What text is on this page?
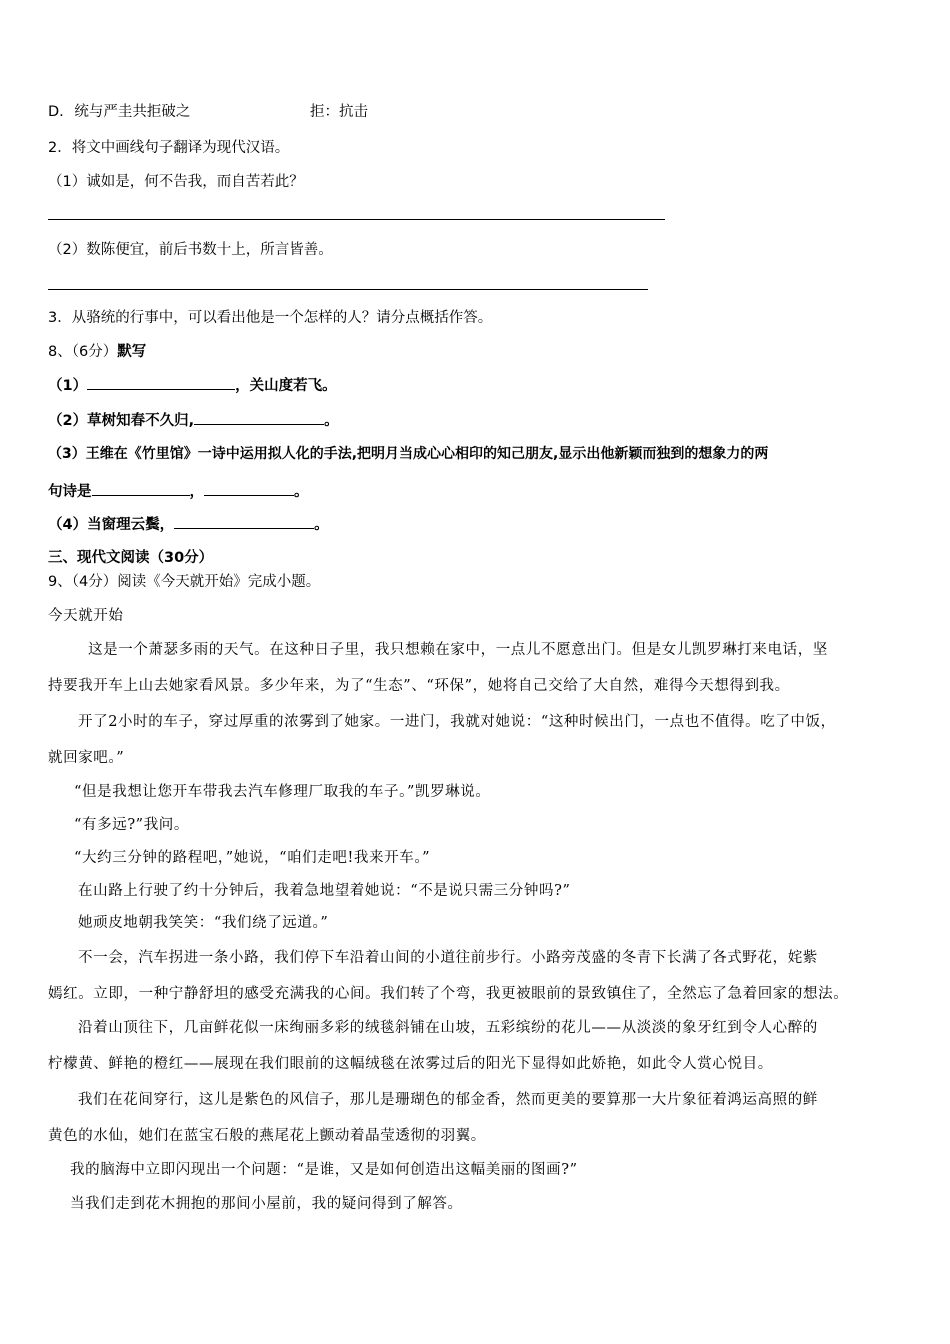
D. 统与严圭共拒破之	拒：抗击
2．将文中画线句子翻译为现代汉语。
（1）诚如是，何不告我，而自苦若此？
（2）数陈便宜，前后书数十上，所言皆善。
3．从骆统的行事中，可以看出他是一个怎样的人？请分点概括作答。
8、（6分）默写
（1）	，关山度若飞。
（2）草树知春不久归,	。
（3）王维在《竹里馆》一诗中运用拟人化的手法,把明月当成心心相印的知己朋友,显示出他新颖而独到的想象力的两
句诗是	，	。
（4）当窗理云鬓，	。
三、现代文阅读（30分）
9、（4分）阅读《今天就开始》完成小题。
今天就开始
这是一个萧瑟多雨的天气。在这种日子里，我只想赖在家中，一点儿不愿意出门。但是女儿凯罗琳打来电话，坚
持要我开车上山去她家看风景。多少年来，为了“生态”、“环保”，她将自己交给了大自然，难得今天想得到我。
开了2小时的车子，穿过厚重的浓雾到了她家。一进门，我就对她说：“这种时候出门，一点也不值得。吃了中饭，
就回家吧。”
“但是我想让您开车带我去汽车修理厂取我的车子。”凯罗琳说。
“有多远?”我问。
“大约三分钟的路程吧，”她说，“咱们走吧!我来开车。”
在山路上行驶了约十分钟后，我着急地望着她说：“不是说只需三分钟吗?”
她顽皮地朝我笑笑：“我们绕了远道。”
不一会，汽车拐进一条小路，我们停下车沿着山间的小道往前步行。小路旁茂盛的冬青下长满了各式野花，姹紫
嫣红。立即，一种宁静舒坦的感受充满我的心间。我们转了个弯，我更被眼前的景致镇住了，全然忘了急着回家的想法。
沿着山顶往下，几亩鲜花似一床绚丽多彩的绒毯斜铺在山坡，五彩缤纷的花儿——从淡淡的象牙红到令人心醉的
柠檬黄、鲜艳的橙红——展现在我们眼前的这幅绒毯在浓雾过后的阳光下显得如此娇艳，如此令人赏心悦目。
我们在花间穿行，这儿是紫色的风信子，那儿是珊瑚色的郁金香，然而更美的要算那一大片象征着鸿运高照的鲜
黄色的水仙，她们在蓝宝石般的燕尾花上颤动着晶莹透彻的羽翼。
我的脑海中立即闪现出一个问题：“是谁，又是如何创造出这幅美丽的图画?”
当我们走到花木拥抱的那间小屋前，我的疑问得到了解答。
